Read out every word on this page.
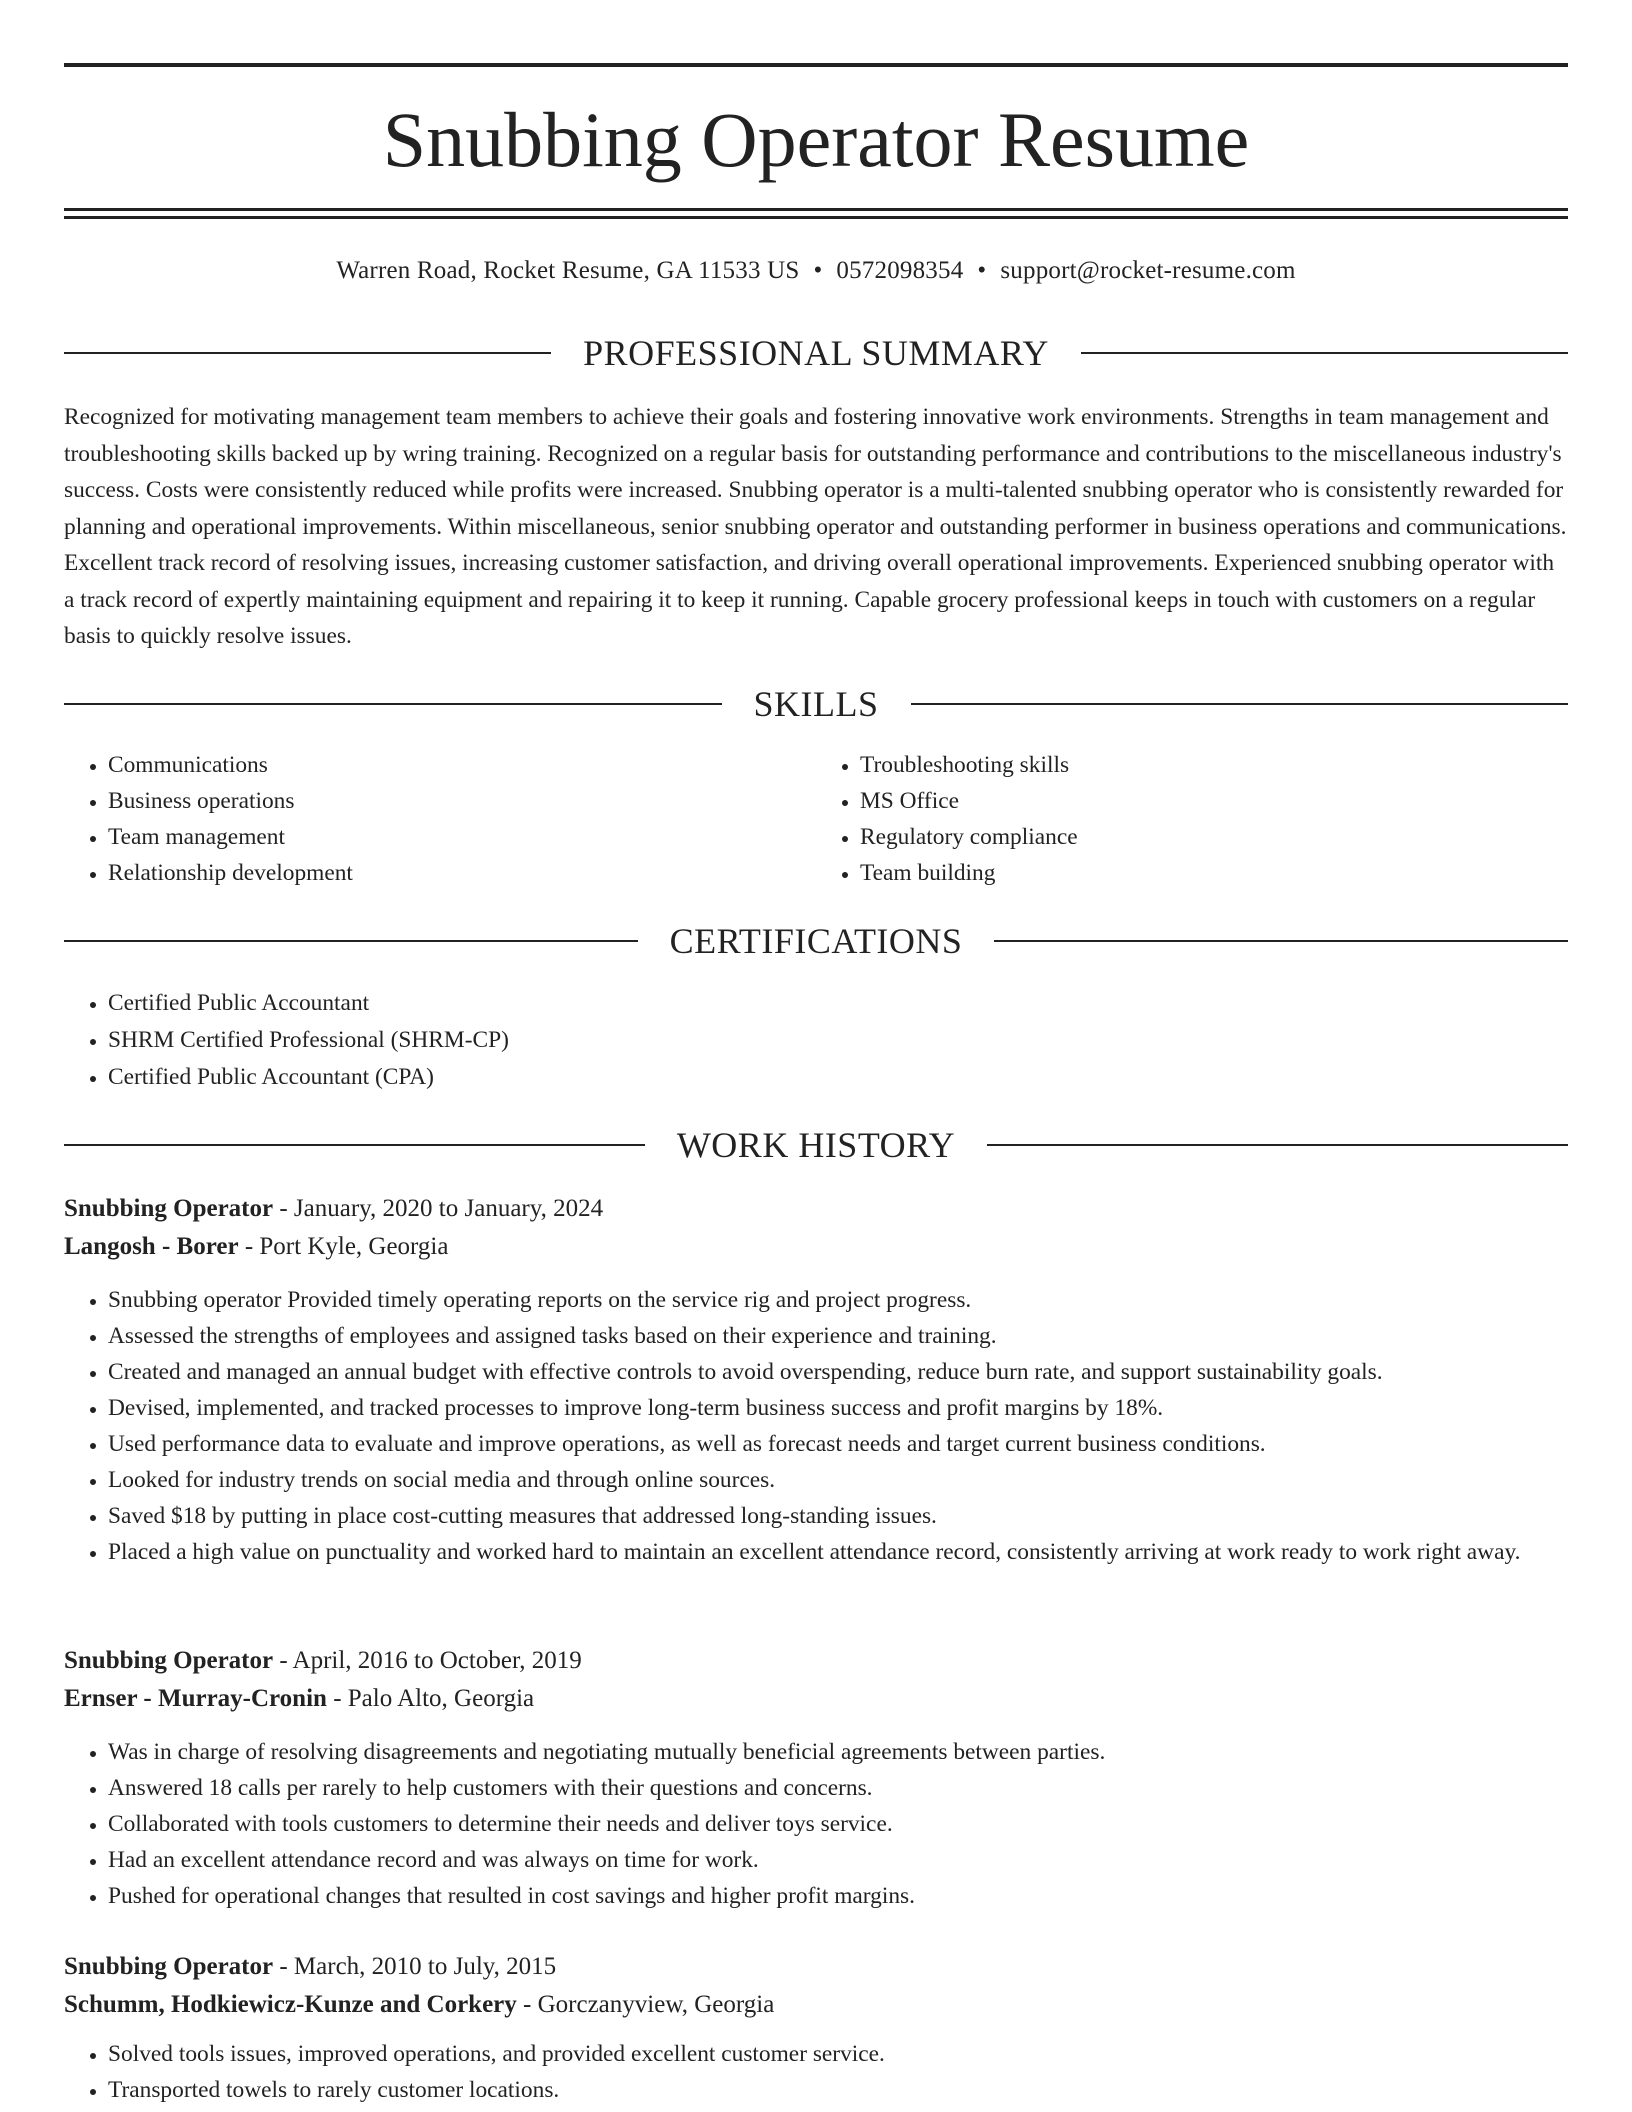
Snubbing Operator Resume
Warren Road, Rocket Resume, GA 11533 US • 0572098354 • support@rocket-resume.com
PROFESSIONAL SUMMARY

Recognized for motivating management team members to achieve their goals and fostering innovative work environments. Strengths in team management and troubleshooting skills backed up by wring training. Recognized on a regular basis for outstanding performance and contributions to the miscellaneous industry's success. Costs were consistently reduced while profits were increased. Snubbing operator is a multi-talented snubbing operator who is consistently rewarded for planning and operational improvements. Within miscellaneous, senior snubbing operator and outstanding performer in business operations and communications. Excellent track record of resolving issues, increasing customer satisfaction, and driving overall operational improvements. Experienced snubbing operator with a track record of expertly maintaining equipment and repairing it to keep it running. Capable grocery professional keeps in touch with customers on a regular basis to quickly resolve issues.

SKILLS
• Communications
• Business operations
• Team management
• Relationship development
• Troubleshooting skills
• MS Office
• Regulatory compliance
• Team building
CERTIFICATIONS
• Certified Public Accountant
• SHRM Certified Professional (SHRM-CP)
• Certified Public Accountant (CPA)
WORK HISTORY
Snubbing Operator - January, 2020 to January, 2024
Langosh - Borer - Port Kyle, Georgia
• Snubbing operator Provided timely operating reports on the service rig and project progress.
• Assessed the strengths of employees and assigned tasks based on their experience and training.
• Created and managed an annual budget with effective controls to avoid overspending, reduce burn rate, and support sustainability goals.
• Devised, implemented, and tracked processes to improve long-term business success and profit margins by 18%.
• Used performance data to evaluate and improve operations, as well as forecast needs and target current business conditions.
• Looked for industry trends on social media and through online sources.
• Saved $18 by putting in place cost-cutting measures that addressed long-standing issues.
• Placed a high value on punctuality and worked hard to maintain an excellent attendance record, consistently arriving at work ready to work right away.
Snubbing Operator - April, 2016 to October, 2019
Ernser - Murray-Cronin - Palo Alto, Georgia
• Was in charge of resolving disagreements and negotiating mutually beneficial agreements between parties.
• Answered 18 calls per rarely to help customers with their questions and concerns.
• Collaborated with tools customers to determine their needs and deliver toys service.
• Had an excellent attendance record and was always on time for work.
• Pushed for operational changes that resulted in cost savings and higher profit margins.
Snubbing Operator - March, 2010 to July, 2015
Schumm, Hodkiewicz-Kunze and Corkery - Gorczanyview, Georgia
• Solved tools issues, improved operations, and provided excellent customer service.
• Transported towels to rarely customer locations.
